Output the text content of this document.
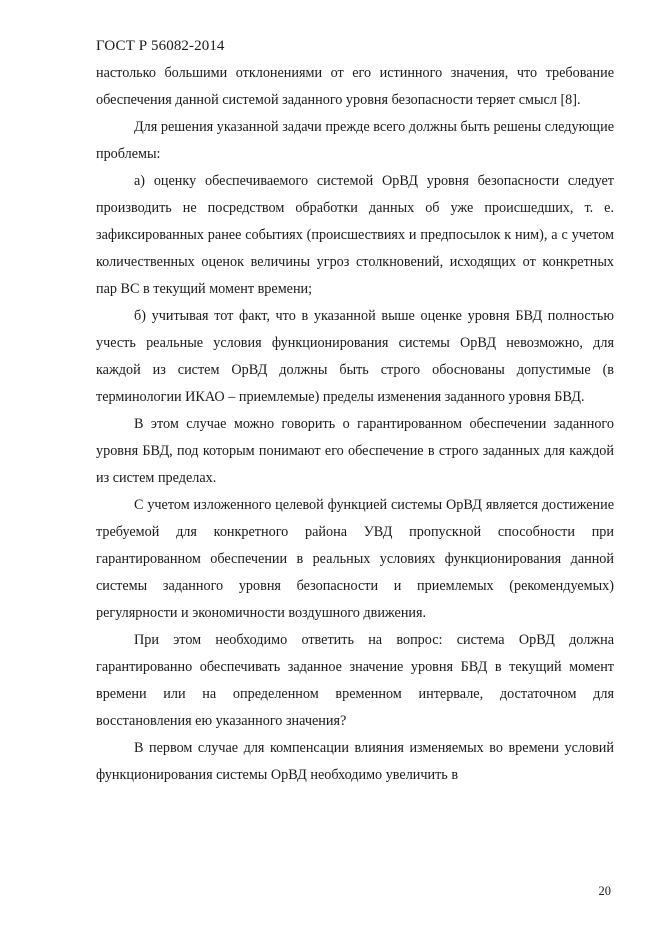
ГОСТ Р 56082-2014

настолько большими отклонениями от его истинного значения, что требование обеспечения данной системой заданного уровня безопасности теряет смысл [8].

Для решения указанной задачи прежде всего должны быть решены следующие проблемы:

а) оценку обеспечиваемого системой ОрВД уровня безопасности следует производить не посредством обработки данных об уже происшедших, т. е. зафиксированных ранее событиях (происшествиях и предпосылок к ним), а с учетом количественных оценок величины угроз столкновений, исходящих от конкретных пар ВС в текущий момент времени;

б) учитывая тот факт, что в указанной выше оценке уровня БВД полностью учесть реальные условия функционирования системы ОрВД невозможно, для каждой из систем ОрВД должны быть строго обоснованы допустимые (в терминологии ИКАО – приемлемые) пределы изменения заданного уровня БВД.

В этом случае можно говорить о гарантированном обеспечении заданного уровня БВД, под которым понимают его обеспечение в строго заданных для каждой из систем пределах.

С учетом изложенного целевой функцией системы ОрВД является достижение требуемой для конкретного района УВД пропускной способности при гарантированном обеспечении в реальных условиях функционирования данной системы заданного уровня безопасности и приемлемых (рекомендуемых) регулярности и экономичности воздушного движения.

При этом необходимо ответить на вопрос: система ОрВД должна гарантированно обеспечивать заданное значение уровня БВД в текущий момент времени или на определенном временном интервале, достаточном для восстановления ею указанного значения?

В первом случае для компенсации влияния изменяемых во времени условий функционирования системы ОрВД необходимо увеличить в

20
